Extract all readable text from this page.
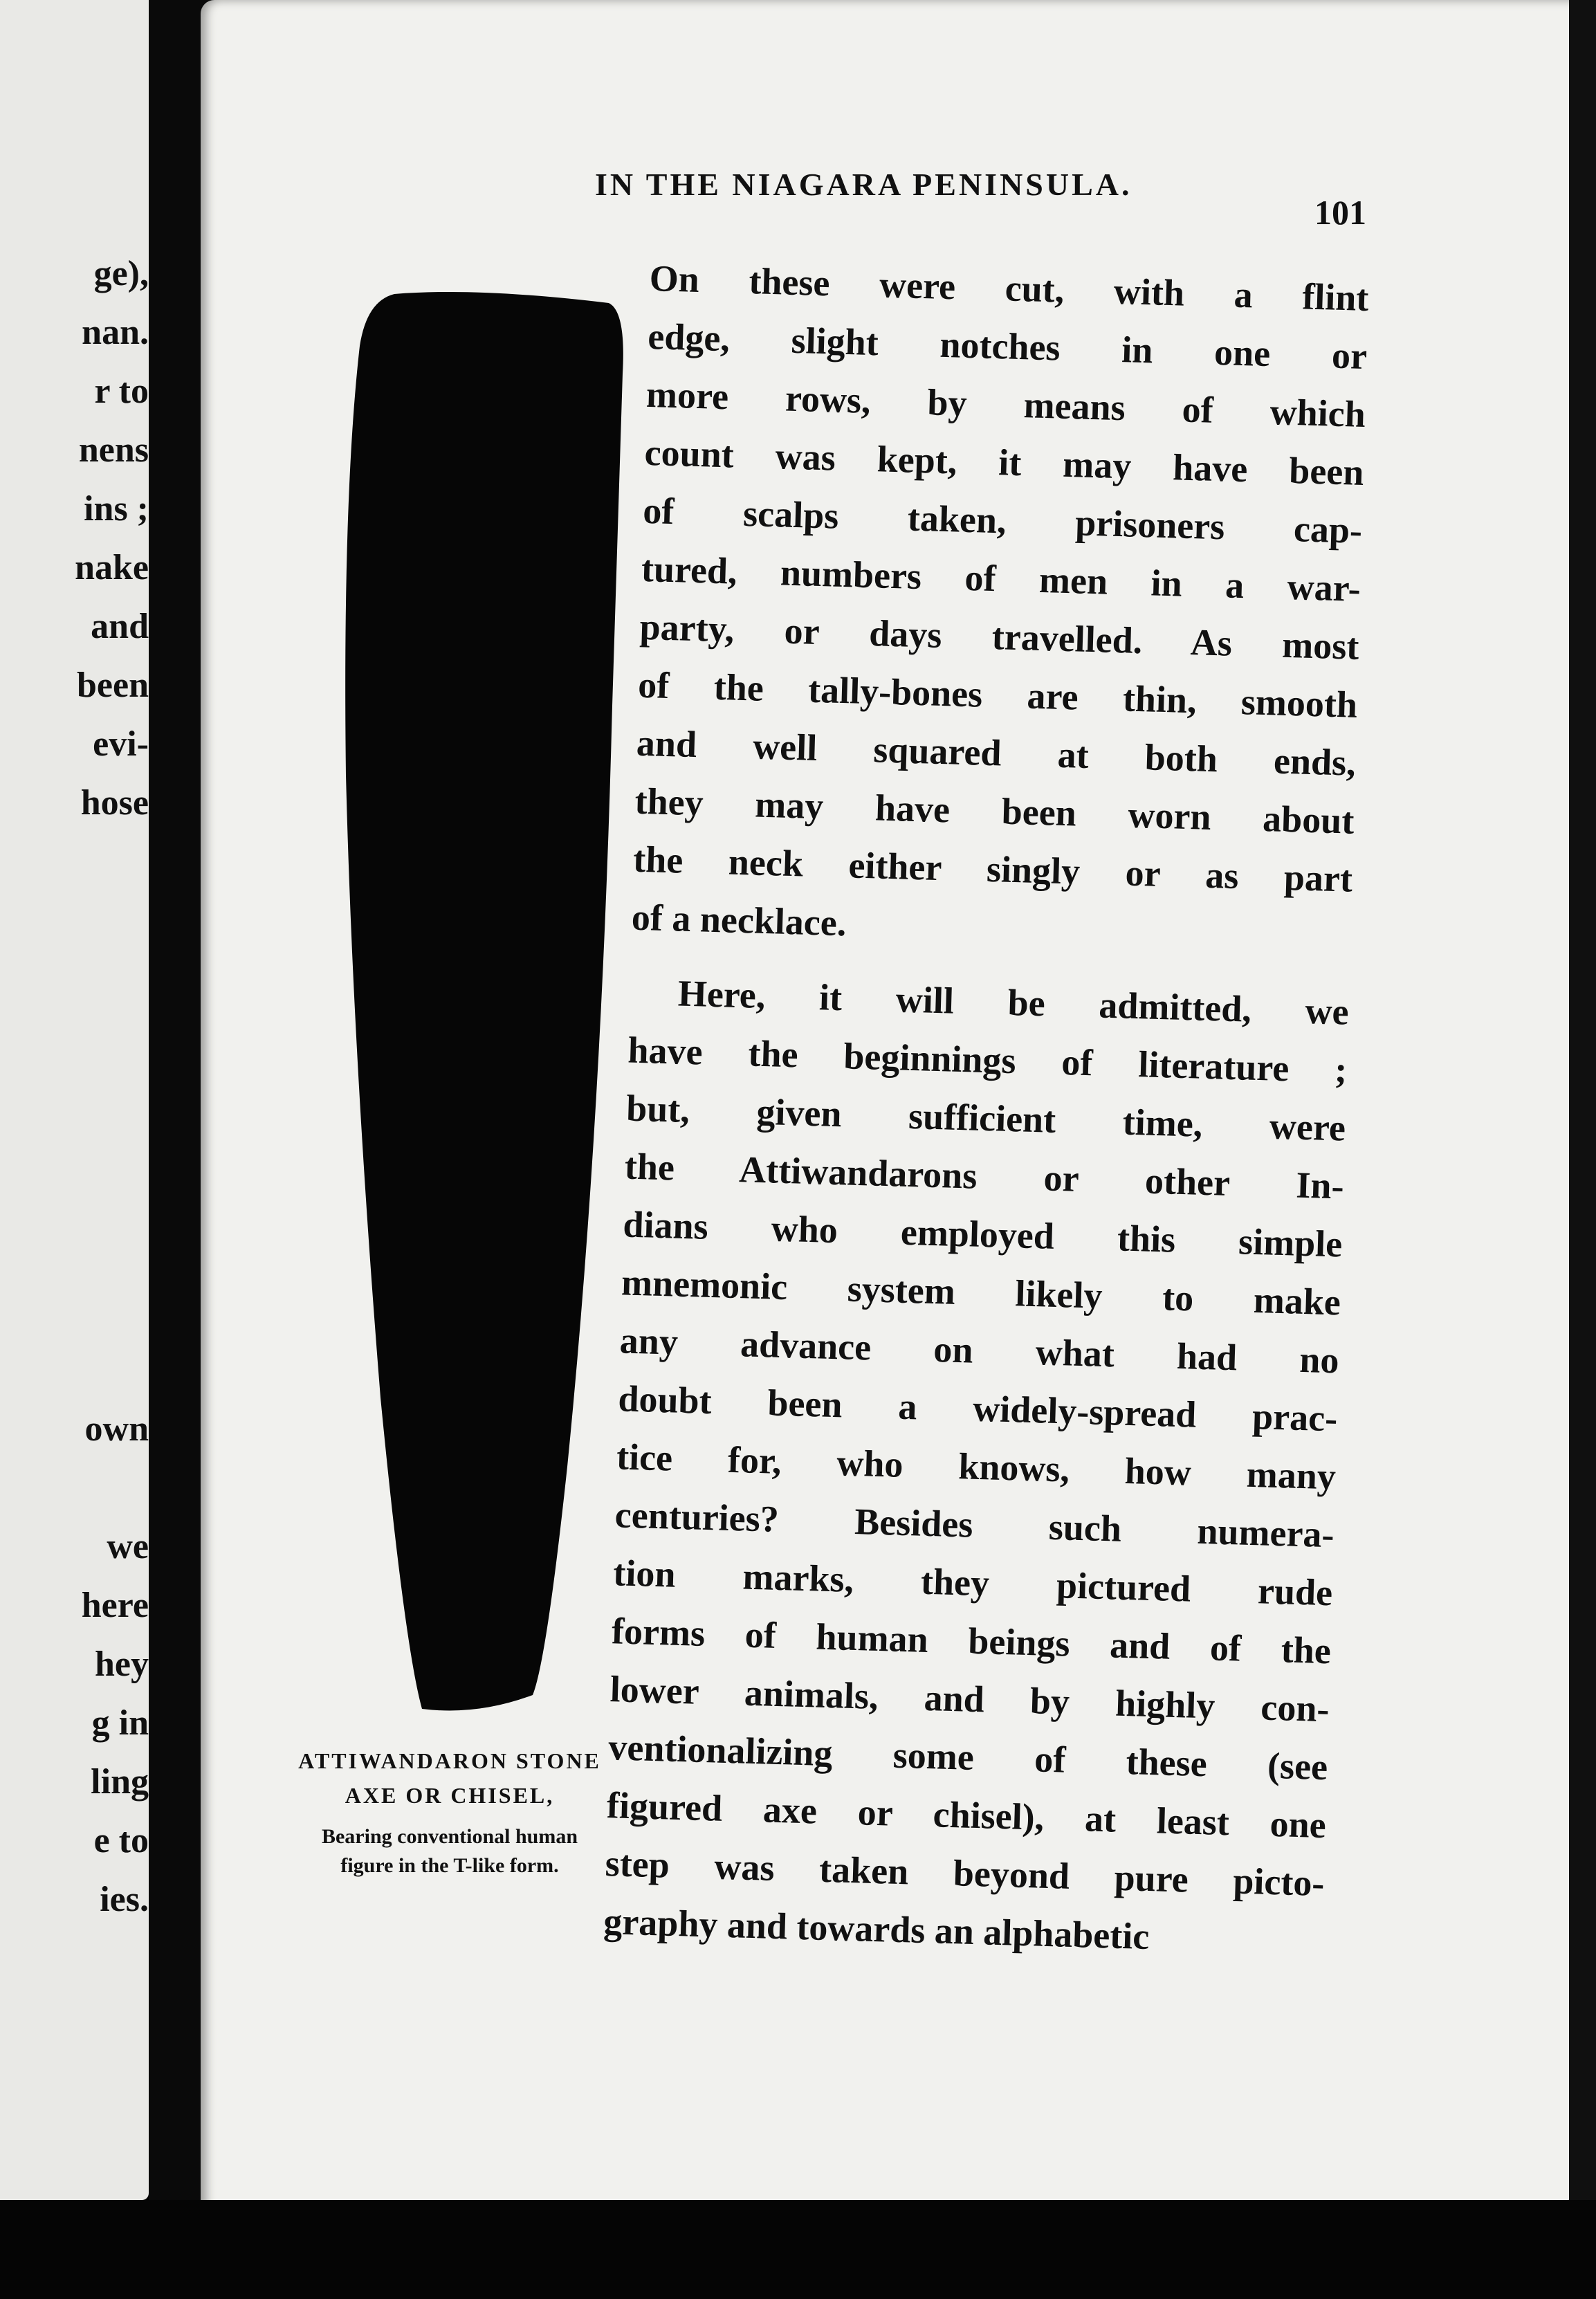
ge),
nan.
r to
nens
ins ;
nake
and
been
evi-
hose
own
we
here
hey
g in
ling
e to
ies.
IN THE NIAGARA PENINSULA.
101
ATTIWANDARON STONE
AXE OR CHISEL,
Bearing conventional human
figure in the T-like form.
On these were cut, with a flint
edge, slight notches in one or
more rows, by means of which
count was kept, it may have been
of scalps taken, prisoners cap-
tured, numbers of men in a war-
party, or days travelled. As most
of the tally-bones are thin, smooth
and well squared at both ends,
they may have been worn about
the neck either singly or as part
of a necklace.
Here, it will be admitted, we
have the beginnings of literature ;
but, given sufficient time, were
the Attiwandarons or other In-
dians who employed this simple
mnemonic system likely to make
any advance on what had no
doubt been a widely-spread prac-
tice for, who knows, how many
centuries? Besides such numera-
tion marks, they pictured rude
forms of human beings and of the
lower animals, and by highly con-
ventionalizing some of these (see
figured axe or chisel), at least one
step was taken beyond pure picto-
graphy and towards an alphabetic
